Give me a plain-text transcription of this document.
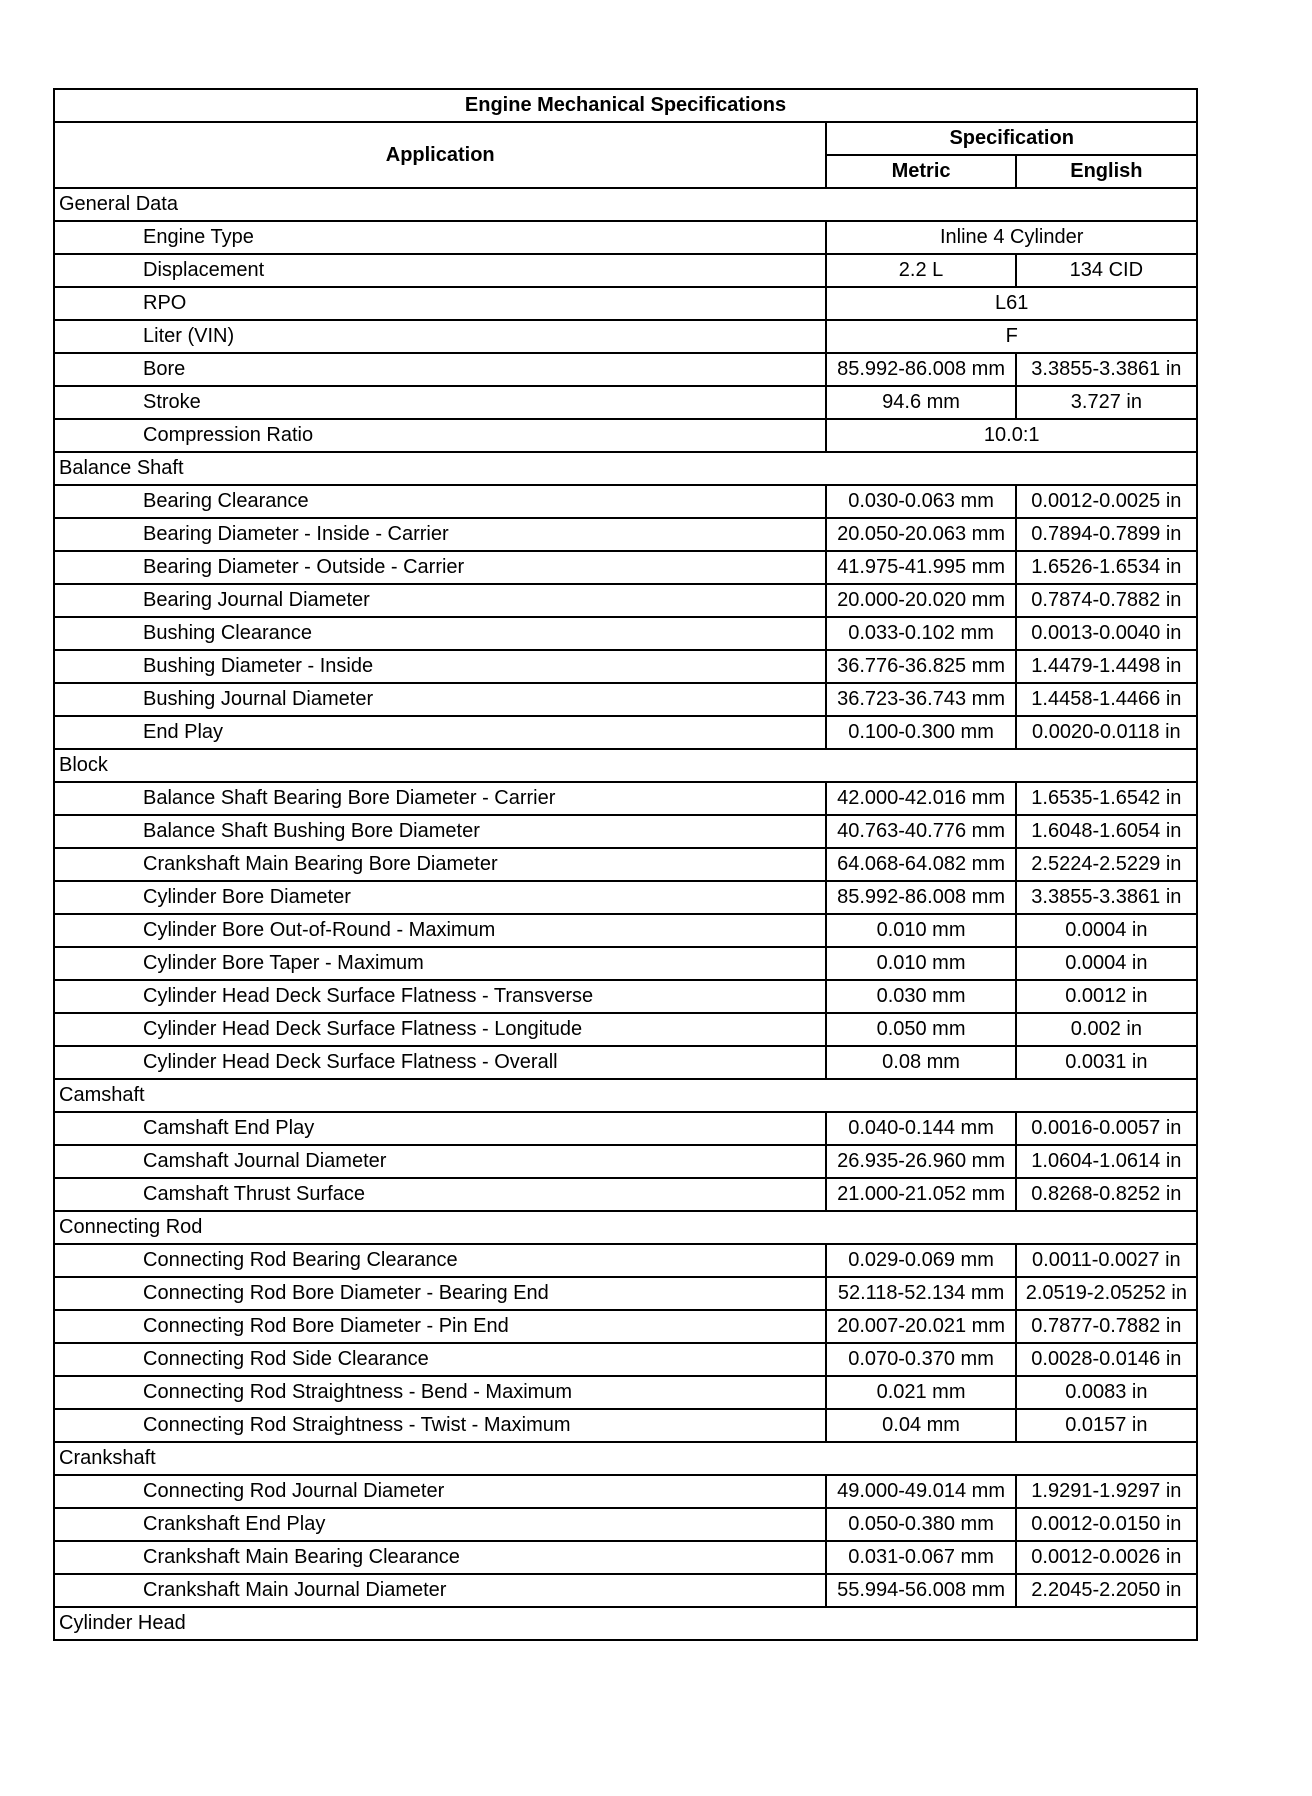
Engine Mechanical Specifications		
Application	Specification	
	Metric	English
General Data		
Engine Type	Inline 4 Cylinder	
Displacement	2.2 L	134 CID
RPO	L61	
Liter (VIN)	F	
Bore	85.992-86.008 mm	3.3855-3.3861 in
Stroke	94.6 mm	3.727 in
Compression Ratio	10.0:1	
Balance Shaft		
Bearing Clearance	0.030-0.063 mm	0.0012-0.0025 in
Bearing Diameter - Inside - Carrier	20.050-20.063 mm	0.7894-0.7899 in
Bearing Diameter - Outside - Carrier	41.975-41.995 mm	1.6526-1.6534 in
Bearing Journal Diameter	20.000-20.020 mm	0.7874-0.7882 in
Bushing Clearance	0.033-0.102 mm	0.0013-0.0040 in
Bushing Diameter - Inside	36.776-36.825 mm	1.4479-1.4498 in
Bushing Journal Diameter	36.723-36.743 mm	1.4458-1.4466 in
End Play	0.100-0.300 mm	0.0020-0.0118 in
Block		
Balance Shaft Bearing Bore Diameter - Carrier	42.000-42.016 mm	1.6535-1.6542 in
Balance Shaft Bushing Bore Diameter	40.763-40.776 mm	1.6048-1.6054 in
Crankshaft Main Bearing Bore Diameter	64.068-64.082 mm	2.5224-2.5229 in
Cylinder Bore Diameter	85.992-86.008 mm	3.3855-3.3861 in
Cylinder Bore Out-of-Round - Maximum	0.010 mm	0.0004 in
Cylinder Bore Taper - Maximum	0.010 mm	0.0004 in
Cylinder Head Deck Surface Flatness - Transverse	0.030 mm	0.0012 in
Cylinder Head Deck Surface Flatness - Longitude	0.050 mm	0.002 in
Cylinder Head Deck Surface Flatness - Overall	0.08 mm	0.0031 in
Camshaft		
Camshaft End Play	0.040-0.144 mm	0.0016-0.0057 in
Camshaft Journal Diameter	26.935-26.960 mm	1.0604-1.0614 in
Camshaft Thrust Surface	21.000-21.052 mm	0.8268-0.8252 in
Connecting Rod		
Connecting Rod Bearing Clearance	0.029-0.069 mm	0.0011-0.0027 in
Connecting Rod Bore Diameter - Bearing End	52.118-52.134 mm	2.0519-2.05252 in
Connecting Rod Bore Diameter - Pin End	20.007-20.021 mm	0.7877-0.7882 in
Connecting Rod Side Clearance	0.070-0.370 mm	0.0028-0.0146 in
Connecting Rod Straightness - Bend - Maximum	0.021 mm	0.0083 in
Connecting Rod Straightness - Twist - Maximum	0.04 mm	0.0157 in
Crankshaft		
Connecting Rod Journal Diameter	49.000-49.014 mm	1.9291-1.9297 in
Crankshaft End Play	0.050-0.380 mm	0.0012-0.0150 in
Crankshaft Main Bearing Clearance	0.031-0.067 mm	0.0012-0.0026 in
Crankshaft Main Journal Diameter	55.994-56.008 mm	2.2045-2.2050 in
Cylinder Head		
